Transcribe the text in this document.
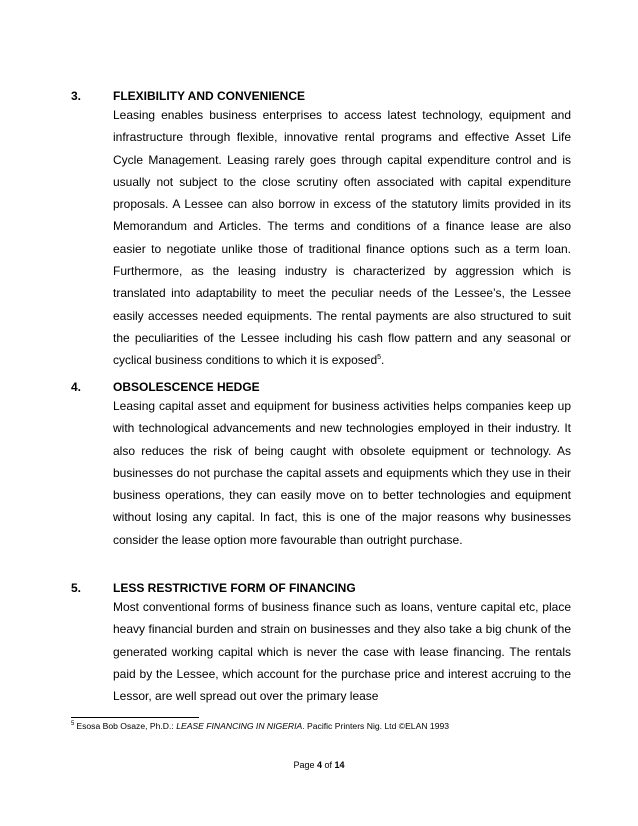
3.	FLEXIBILITY AND CONVENIENCE
Leasing enables business enterprises to access latest technology, equipment and infrastructure through flexible, innovative rental programs and effective Asset Life Cycle Management. Leasing rarely goes through capital expenditure control and is usually not subject to the close scrutiny often associated with capital expenditure proposals. A Lessee can also borrow in excess of the statutory limits provided in its Memorandum and Articles. The terms and conditions of a finance lease are also easier to negotiate unlike those of traditional finance options such as a term loan. Furthermore, as the leasing industry is characterized by aggression which is translated into adaptability to meet the peculiar needs of the Lessee’s, the Lessee easily accesses needed equipments. The rental payments are also structured to suit the peculiarities of the Lessee including his cash flow pattern and any seasonal or cyclical business conditions to which it is exposed$^5$.
4.	OBSOLESCENCE HEDGE
Leasing capital asset and equipment for business activities helps companies keep up with technological advancements and new technologies employed in their industry. It also reduces the risk of being caught with obsolete equipment or technology. As businesses do not purchase the capital assets and equipments which they use in their business operations, they can easily move on to better technologies and equipment without losing any capital. In fact, this is one of the major reasons why businesses consider the lease option more favourable than outright purchase.
5.	LESS RESTRICTIVE FORM OF FINANCING
Most conventional forms of business finance such as loans, venture capital etc, place heavy financial burden and strain on businesses and they also take a big chunk of the generated working capital which is never the case with lease financing. The rentals paid by the Lessee, which account for the purchase price and interest accruing to the Lessor, are well spread out over the primary lease
$^5$ Esosa Bob Osaze, Ph.D.: LEASE FINANCING IN NIGERIA. Pacific Printers Nig. Ltd ©ELAN 1993
Page 4 of 14
